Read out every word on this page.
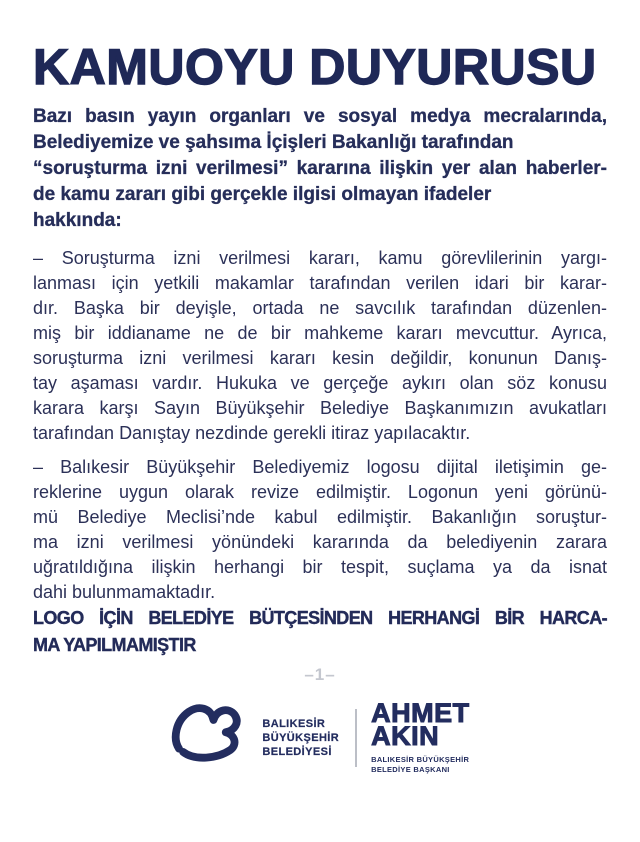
KAMUOYU DUYURUSU
Bazı basın yayın organları ve sosyal medya mecralarında,
Belediyemize ve şahsıma İçişleri Bakanlığı tarafından
“soruşturma izni verilmesi” kararına ilişkin yer alan haberler-
de kamu zararı gibi gerçekle ilgisi olmayan ifadeler
hakkında:
– Soruşturma izni verilmesi kararı, kamu görevlilerinin yargı-
lanması için yetkili makamlar tarafından verilen idari bir karar-
dır. Başka bir deyişle, ortada ne savcılık tarafından düzenlen-
miş bir iddianame ne de bir mahkeme kararı mevcuttur. Ayrıca,
soruşturma izni verilmesi kararı kesin değildir, konunun Danış-
tay aşaması vardır. Hukuka ve gerçeğe aykırı olan söz konusu
karara karşı Sayın Büyükşehir Belediye Başkanımızın avukatları
tarafından Danıştay nezdinde gerekli itiraz yapılacaktır.
– Balıkesir Büyükşehir Belediyemiz logosu dijital iletişimin ge-
reklerine uygun olarak revize edilmiştir. Logonun yeni görünü-
mü Belediye Meclisi’nde kabul edilmiştir. Bakanlığın soruştur-
ma izni verilmesi yönündeki kararında da belediyenin zarara
uğratıldığına ilişkin herhangi bir tespit, suçlama ya da isnat
dahi bulunmamaktadır.
LOGO İÇİN BELEDİYE BÜTÇESİNDEN HERHANGİ BİR HARCA-
MA YAPILMAMIŞTIR
–1–
BALIKESİR
BÜYÜKŞEHİR
BELEDİYESİ
AHMET
AKIN
BALIKESİR BÜYÜKŞEHİR
BELEDİYE BAŞKANI
